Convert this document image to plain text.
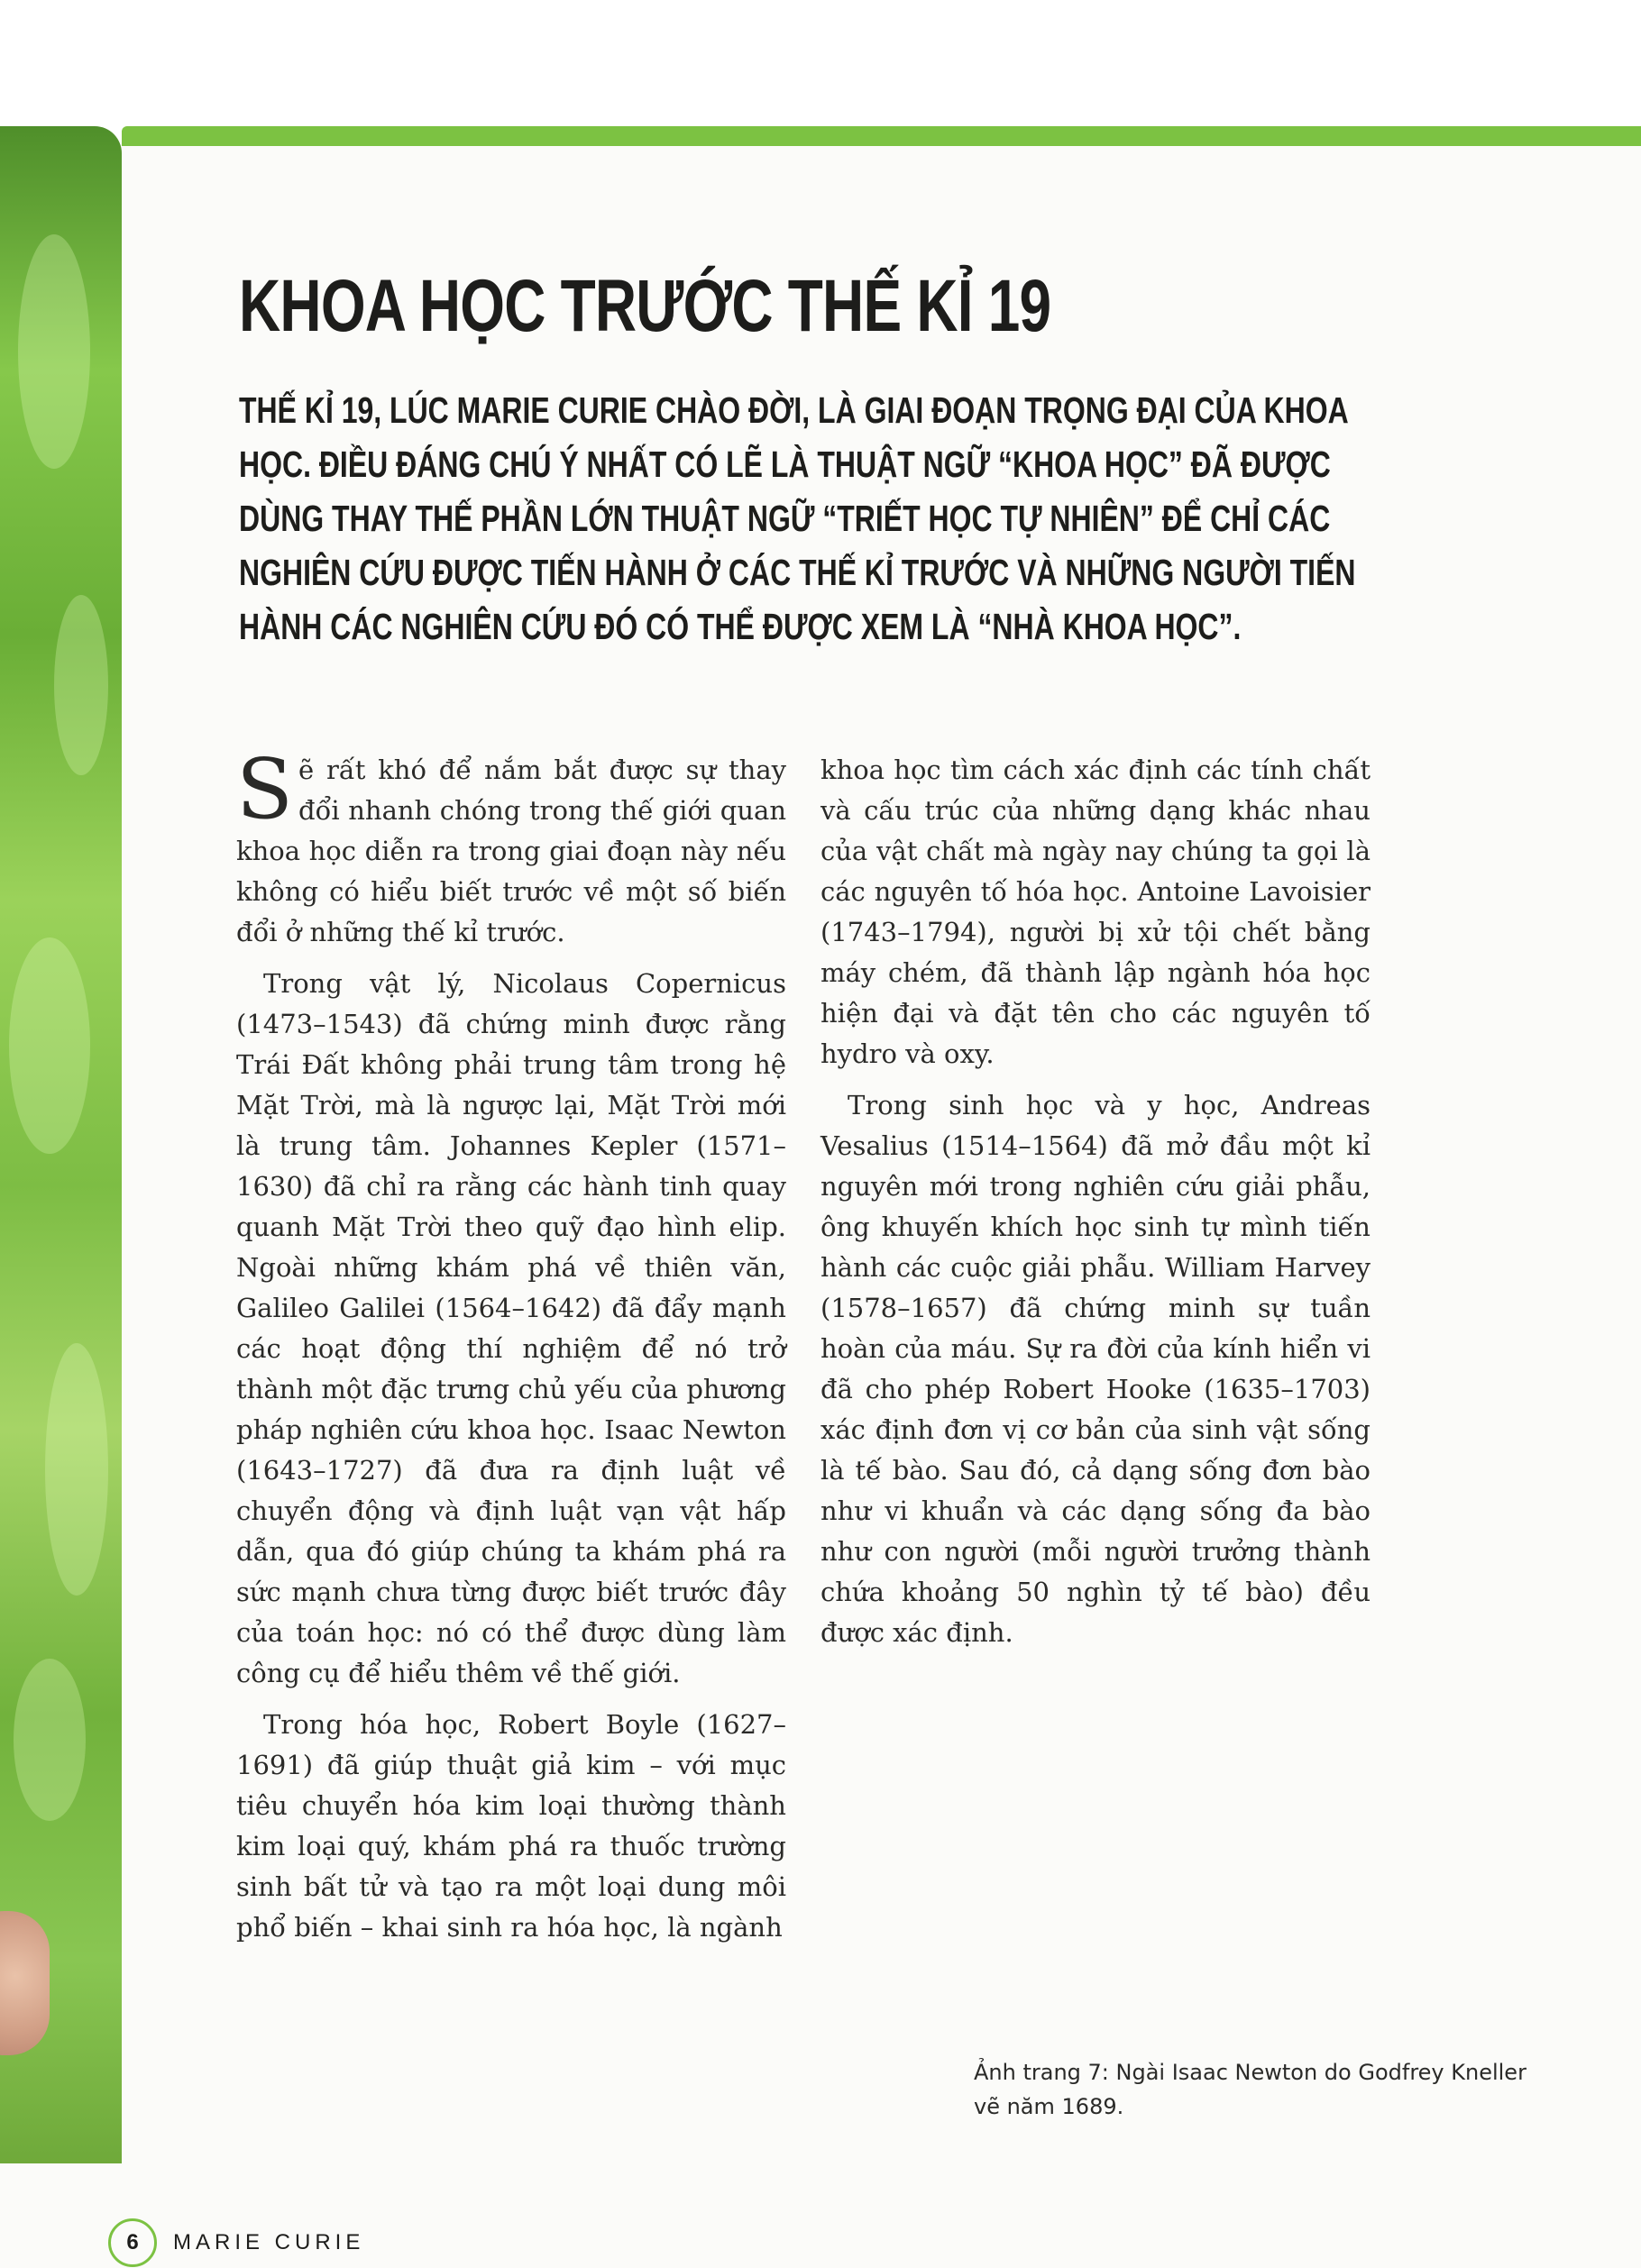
KHOA HỌC TRƯỚC THẾ KỈ 19

THẾ KỈ 19, LÚC MARIE CURIE CHÀO ĐỜI, LÀ GIAI ĐOẠN TRỌNG ĐẠI CỦA KHOA HỌC. ĐIỀU ĐÁNG CHÚ Ý NHẤT CÓ LẼ LÀ THUẬT NGỮ “KHOA HỌC” ĐÃ ĐƯỢC DÙNG THAY THẾ PHẦN LỚN THUẬT NGỮ “TRIẾT HỌC TỰ NHIÊN” ĐỂ CHỈ CÁC NGHIÊN CỨU ĐƯỢC TIẾN HÀNH Ở CÁC THẾ KỈ TRƯỚC VÀ NHỮNG NGƯỜI TIẾN HÀNH CÁC NGHIÊN CỨU ĐÓ CÓ THỂ ĐƯỢC XEM LÀ “NHÀ KHOA HỌC”.

Sẽ rất khó để nắm bắt được sự thay đổi nhanh chóng trong thế giới quan khoa học diễn ra trong giai đoạn này nếu không có hiểu biết trước về một số biến đổi ở những thế kỉ trước.

Trong vật lý, Nicolaus Copernicus (1473–1543) đã chứng minh được rằng Trái Đất không phải trung tâm trong hệ Mặt Trời, mà là ngược lại, Mặt Trời mới là trung tâm. Johannes Kepler (1571–1630) đã chỉ ra rằng các hành tinh quay quanh Mặt Trời theo quỹ đạo hình elip. Ngoài những khám phá về thiên văn, Galileo Galilei (1564–1642) đã đẩy mạnh các hoạt động thí nghiệm để nó trở thành một đặc trưng chủ yếu của phương pháp nghiên cứu khoa học. Isaac Newton (1643–1727) đã đưa ra định luật về chuyển động và định luật vạn vật hấp dẫn, qua đó giúp chúng ta khám phá ra sức mạnh chưa từng được biết trước đây của toán học: nó có thể được dùng làm công cụ để hiểu thêm về thế giới.

Trong hóa học, Robert Boyle (1627–1691) đã giúp thuật giả kim – với mục tiêu chuyển hóa kim loại thường thành kim loại quý, khám phá ra thuốc trường sinh bất tử và tạo ra một loại dung môi phổ biến – khai sinh ra hóa học, là ngành

khoa học tìm cách xác định các tính chất và cấu trúc của những dạng khác nhau của vật chất mà ngày nay chúng ta gọi là các nguyên tố hóa học. Antoine Lavoisier (1743–1794), người bị xử tội chết bằng máy chém, đã thành lập ngành hóa học hiện đại và đặt tên cho các nguyên tố hydro và oxy.

Trong sinh học và y học, Andreas Vesalius (1514–1564) đã mở đầu một kỉ nguyên mới trong nghiên cứu giải phẫu, ông khuyến khích học sinh tự mình tiến hành các cuộc giải phẫu. William Harvey (1578–1657) đã chứng minh sự tuần hoàn của máu. Sự ra đời của kính hiển vi đã cho phép Robert Hooke (1635–1703) xác định đơn vị cơ bản của sinh vật sống là tế bào. Sau đó, cả dạng sống đơn bào như vi khuẩn và các dạng sống đa bào như con người (mỗi người trưởng thành chứa khoảng 50 nghìn tỷ tế bào) đều được xác định.

Ảnh trang 7: Ngài Isaac Newton do Godfrey Kneller vẽ năm 1689.
6	MARIE CURIE
